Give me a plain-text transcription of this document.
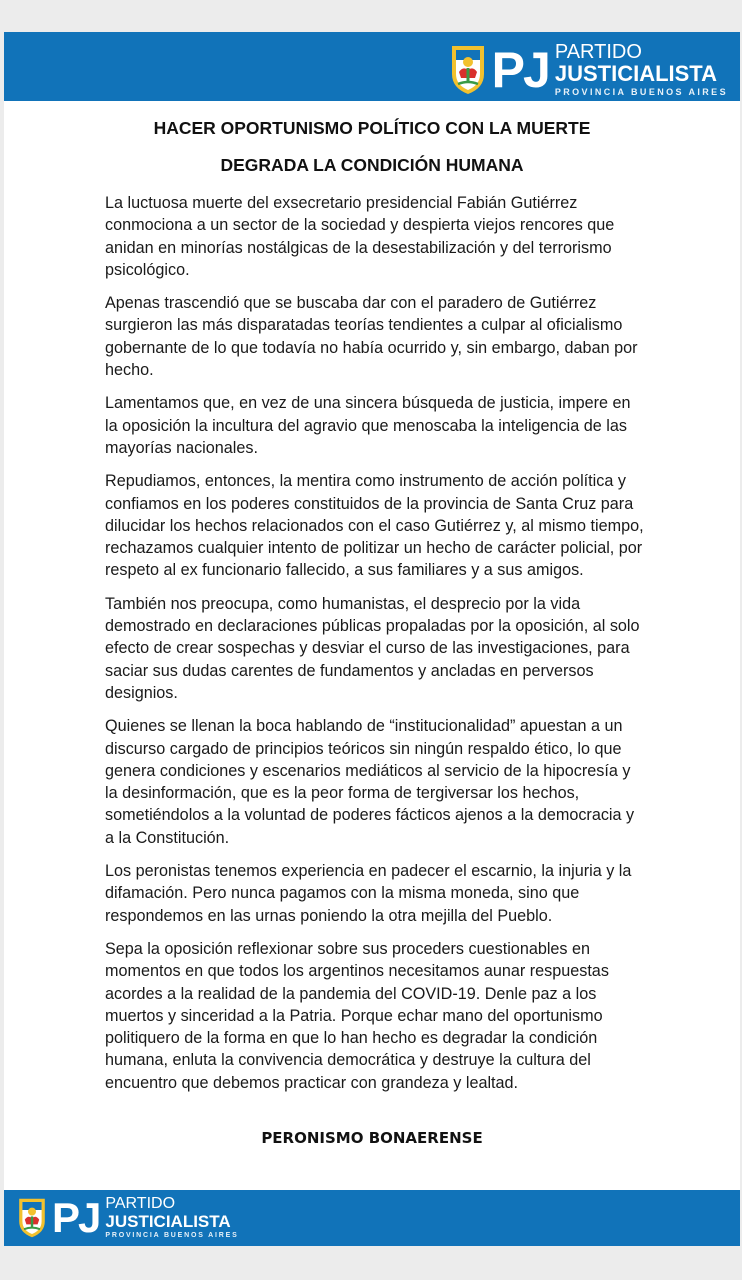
PJ PARTIDO
JUSTICIALISTA
PROVINCIA BUENOS AIRES
HACER OPORTUNISMO POLÍTICO CON LA MUERTE
DEGRADA LA CONDICIÓN HUMANA

La luctuosa muerte del exsecretario presidencial Fabián Gutiérrez conmociona a un sector de la sociedad y despierta viejos rencores que anidan en minorías nostálgicas de la desestabilización y del terrorismo psicológico.

Apenas trascendió que se buscaba dar con el paradero de Gutiérrez surgieron las más disparatadas teorías tendientes a culpar al oficialismo gobernante de lo que todavía no había ocurrido y, sin embargo, daban por hecho.

Lamentamos que, en vez de una sincera búsqueda de justicia, impere en la oposición la incultura del agravio que menoscaba la inteligencia de las mayorías nacionales.

Repudiamos, entonces, la mentira como instrumento de acción política y confiamos en los poderes constituidos de la provincia de Santa Cruz para dilucidar los hechos relacionados con el caso Gutiérrez y, al mismo tiempo, rechazamos cualquier intento de politizar un hecho de carácter policial, por respeto al ex funcionario fallecido, a sus familiares y a sus amigos.

También nos preocupa, como humanistas, el desprecio por la vida demostrado en declaraciones públicas propaladas por la oposición, al solo efecto de crear sospechas y desviar el curso de las investigaciones, para saciar sus dudas carentes de fundamentos y ancladas en perversos designios.

Quienes se llenan la boca hablando de “institucionalidad” apuestan a un discurso cargado de principios teóricos sin ningún respaldo ético, lo que genera condiciones y escenarios mediáticos al servicio de la hipocresía y la desinformación, que es la peor forma de tergiversar los hechos, sometiéndolos a la voluntad de poderes fácticos ajenos a la democracia y a la Constitución.

Los peronistas tenemos experiencia en padecer el escarnio, la injuria y la difamación. Pero nunca pagamos con la misma moneda, sino que respondemos en las urnas poniendo la otra mejilla del Pueblo.

Sepa la oposición reflexionar sobre sus proceders cuestionables en momentos en que todos los argentinos necesitamos aunar respuestas acordes a la realidad de la pandemia del COVID-19. Denle paz a los muertos y sinceridad a la Patria. Porque echar mano del oportunismo politiquero de la forma en que lo han hecho es degradar la condición humana, enluta la convivencia democrática y destruye la cultura del encuentro que debemos practicar con grandeza y lealtad.

PERONISMO BONAERENSE
PJ PARTIDO
JUSTICIALISTA
PROVINCIA BUENOS AIRES
